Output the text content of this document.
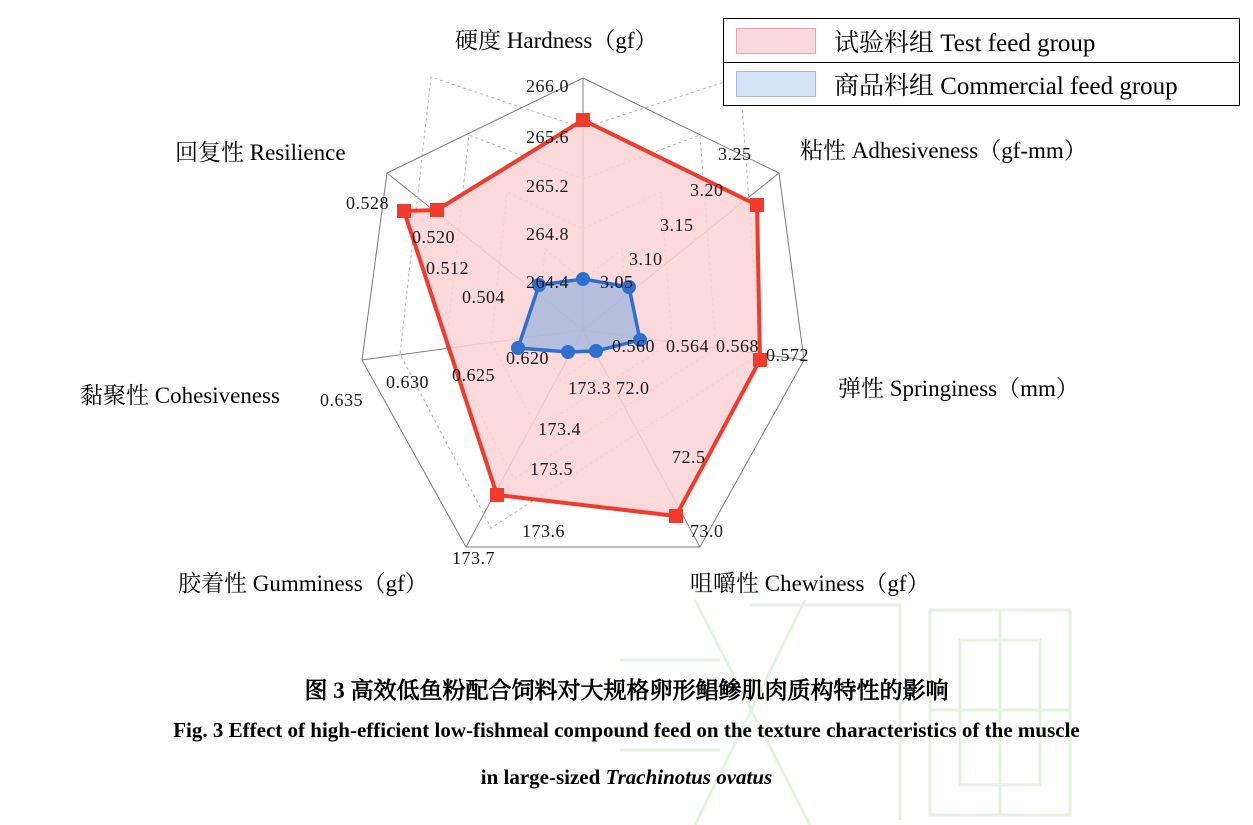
硬度 Hardness（gf）
粘性 Adhesiveness（gf-mm）
弹性 Springiness（mm）
咀嚼性 Chewiness（gf）
胶着性 Gumminess（gf）
黏聚性 Cohesiveness
回复性 Resilience
266.0
265.6
265.2
264.8
264.4
3.25
3.20
3.15
3.10
3.05
0.572
0.568
0.564
0.560
73.0
72.5
72.0
173.7
173.6
173.5
173.4
173.3
0.635
0.630 0.625
0.620
0.528
0.520
0.512
0.504
试验料组 Test feed group
商品料组 Commercial feed group
图 3 高效低鱼粉配合饲料对大规格卵形鲳鲹肌肉质构特性的影响
Fig. 3 Effect of high-efficient low-fishmeal compound feed on the texture characteristics of the muscle
in large-sized Trachinotus ovatus
